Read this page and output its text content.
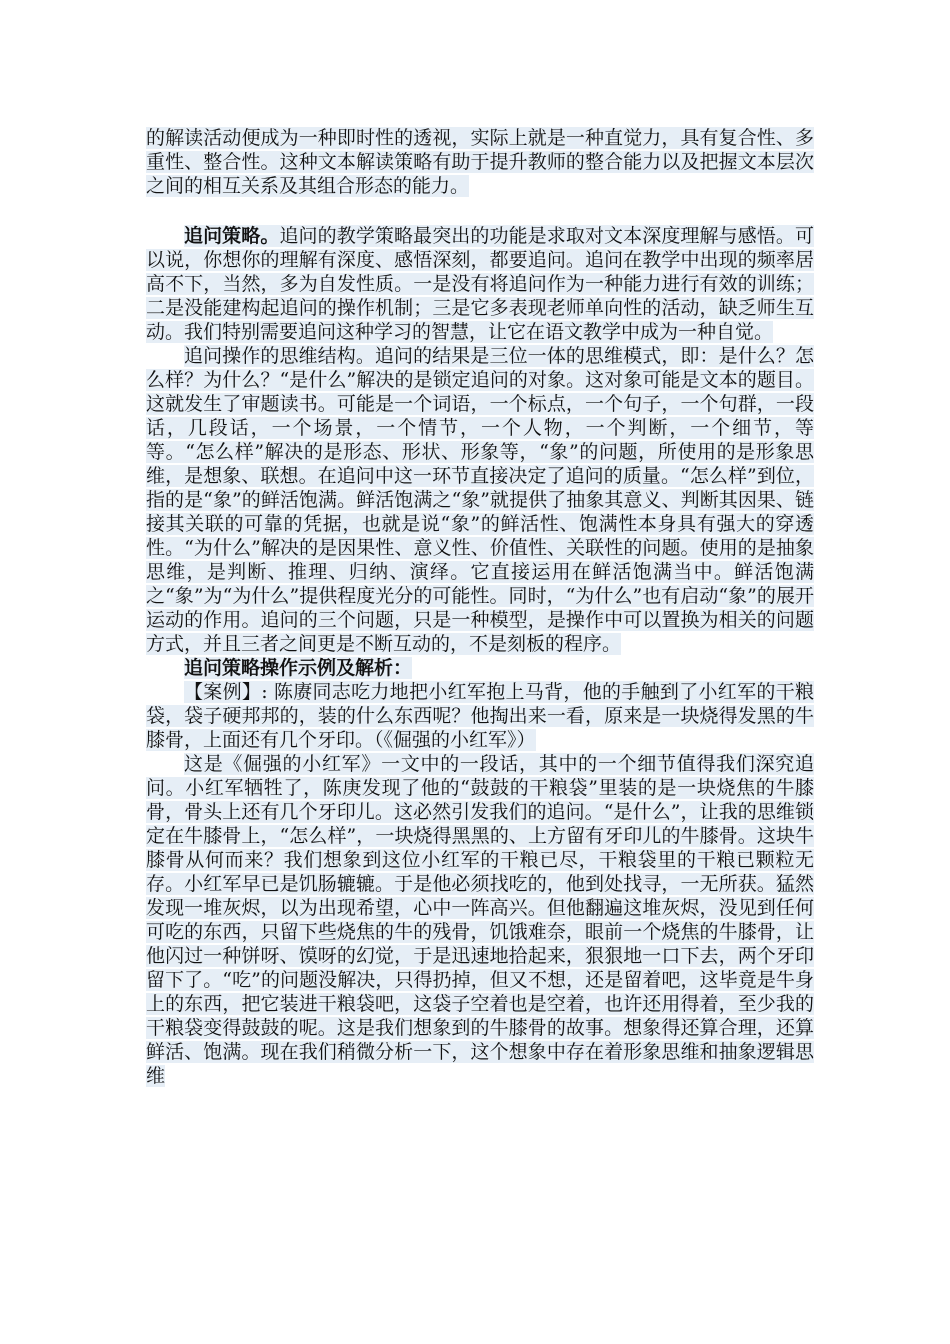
的解读活动便成为一种即时性的透视，实际上就是一种直觉力，具有复合性、多重性、整合性。这种文本解读策略有助于提升教师的整合能力以及把握文本层次之间的相互关系及其组合形态的能力。

追问策略。追问的教学策略最突出的功能是求取对文本深度理解与感悟。可以说，你想你的理解有深度、感悟深刻，都要追问。追问在教学中出现的频率居高不下，当然，多为自发性质。一是没有将追问作为一种能力进行有效的训练；二是没能建构起追问的操作机制；三是它多表现老师单向性的活动，缺乏师生互动。我们特别需要追问这种学习的智慧，让它在语文教学中成为一种自觉。

追问操作的思维结构。追问的结果是三位一体的思维模式，即：是什么？怎么样？为什么？“是什么”解决的是锁定追问的对象。这对象可能是文本的题目。这就发生了审题读书。可能是一个词语，一个标点，一个句子，一个句群，一段话，几段话，一个场景，一个情节，一个人物，一个判断，一个细节，等等。“怎么样”解决的是形态、形状、形象等，“象”的问题，所使用的是形象思维，是想象、联想。在追问中这一环节直接决定了追问的质量。“怎么样”到位，指的是“象”的鲜活饱满。鲜活饱满之“象”就提供了抽象其意义、判断其因果、链接其关联的可靠的凭据，也就是说“象”的鲜活性、饱满性本身具有强大的穿透性。“为什么”解决的是因果性、意义性、价值性、关联性的问题。使用的是抽象思维，是判断、推理、归纳、演绎。它直接运用在鲜活饱满当中。鲜活饱满之“象”为“为什么”提供程度光分的可能性。同时，“为什么”也有启动“象”的展开运动的作用。追问的三个问题，只是一种模型，是操作中可以置换为相关的问题方式，并且三者之间更是不断互动的，不是刻板的程序。

追问策略操作示例及解析：

【案例】: 陈赓同志吃力地把小红军抱上马背，他的手触到了小红军的干粮袋，袋子硬邦邦的，装的什么东西呢？他掏出来一看，原来是一块烧得发黑的牛膝骨，上面还有几个牙印。（《倔强的小红军》）

这是《倔强的小红军》一文中的一段话，其中的一个细节值得我们深究追问。小红军牺牲了，陈庚发现了他的“鼓鼓的干粮袋”里装的是一块烧焦的牛膝骨，骨头上还有几个牙印儿。这必然引发我们的追问。“是什么”，让我的思维锁定在牛膝骨上，“怎么样”，一块烧得黑黑的、上方留有牙印儿的牛膝骨。这块牛膝骨从何而来？我们想象到这位小红军的干粮已尽，干粮袋里的干粮已颗粒无存。小红军早已是饥肠辘辘。于是他必须找吃的，他到处找寻，一无所获。猛然发现一堆灰烬，以为出现希望，心中一阵高兴。但他翻遍这堆灰烬，没见到任何可吃的东西，只留下些烧焦的牛的残骨，饥饿难奈，眼前一个烧焦的牛膝骨，让他闪过一种饼呀、馍呀的幻觉，于是迅速地拾起来，狠狠地一口下去，两个牙印留下了。“吃”的问题没解决，只得扔掉，但又不想，还是留着吧，这毕竟是牛身上的东西，把它装进干粮袋吧，这袋子空着也是空着，也许还用得着，至少我的干粮袋变得鼓鼓的呢。这是我们想象到的牛膝骨的故事。想象得还算合理，还算鲜活、饱满。现在我们稍微分析一下，这个想象中存在着形象思维和抽象逻辑思维
